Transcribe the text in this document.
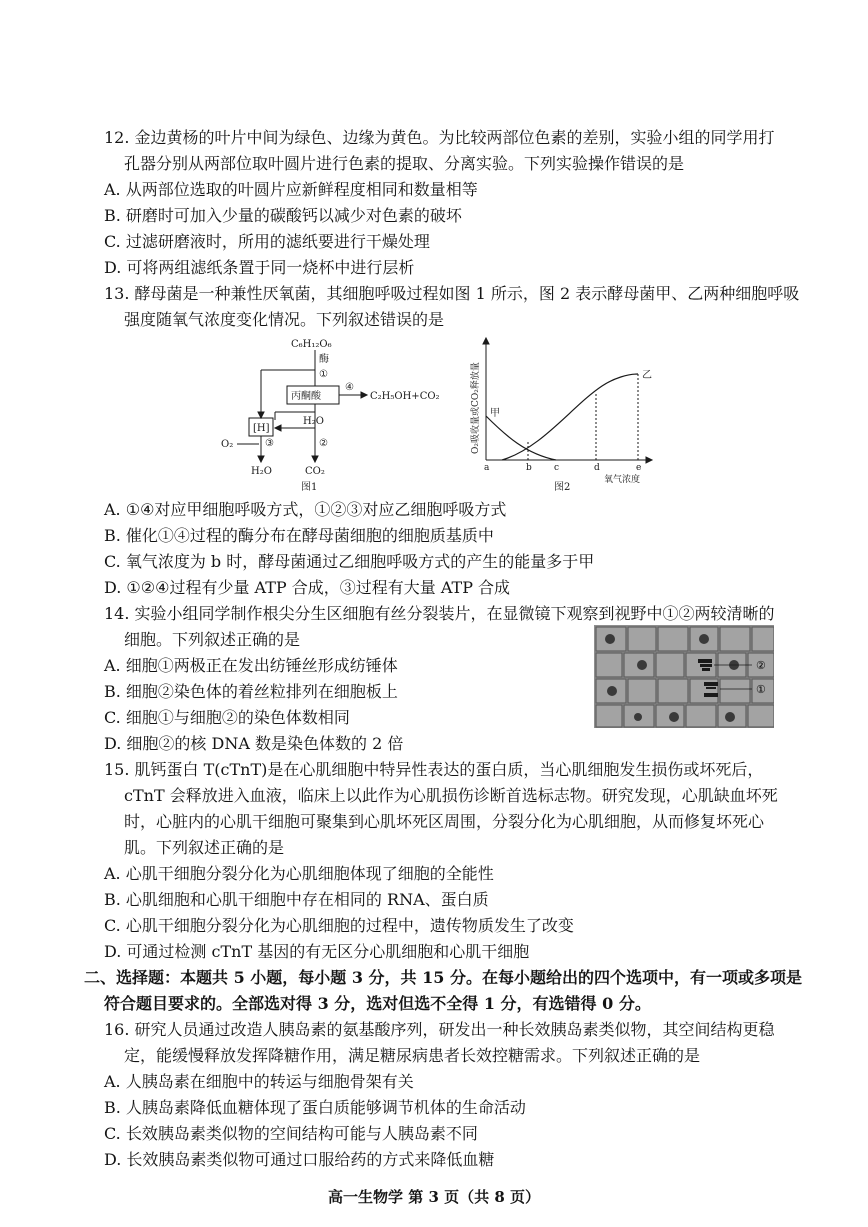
12. 金边黄杨的叶片中间为绿色、边缘为黄色。为比较两部位色素的差别，实验小组的同学用打
孔器分别从两部位取叶圆片进行色素的提取、分离实验。下列实验操作错误的是
A. 从两部位选取的叶圆片应新鲜程度相同和数量相等
B. 研磨时可加入少量的碳酸钙以减少对色素的破坏
C. 过滤研磨液时，所用的滤纸要进行干燥处理
D. 可将两组滤纸条置于同一烧杯中进行层析
13. 酵母菌是一种兼性厌氧菌，其细胞呼吸过程如图 1 所示，图 2 表示酵母菌甲、乙两种细胞呼吸
强度随氧气浓度变化情况。下列叙述错误的是
C₆H₁₂O₆
酶
①
丙酮酸
④
C₂H₅OH+CO₂
[H]
H₂O
O₂	③	②
H₂O	CO₂
图1
O₂吸收量或CO₂释放量 甲
乙
a	b c	d	e
氧气浓度
图2
A. ①④对应甲细胞呼吸方式，①②③对应乙细胞呼吸方式
B. 催化①④过程的酶分布在酵母菌细胞的细胞质基质中
C. 氧气浓度为 b 时，酵母菌通过乙细胞呼吸方式的产生的能量多于甲
D. ①②④过程有少量 ATP 合成，③过程有大量 ATP 合成
14. 实验小组同学制作根尖分生区细胞有丝分裂装片，在显微镜下观察到视野中①②两较清晰的
细胞。下列叙述正确的是
A. 细胞①两极正在发出纺锤丝形成纺锤体
B. 细胞②染色体的着丝粒排列在细胞板上
C. 细胞①与细胞②的染色体数相同
D. 细胞②的核 DNA 数是染色体数的 2 倍
②
①
15. 肌钙蛋白 T(cTnT)是在心肌细胞中特异性表达的蛋白质，当心肌细胞发生损伤或坏死后，
cTnT 会释放进入血液，临床上以此作为心肌损伤诊断首选标志物。研究发现，心肌缺血坏死
时，心脏内的心肌干细胞可聚集到心肌坏死区周围，分裂分化为心肌细胞，从而修复坏死心
肌。下列叙述正确的是
A. 心肌干细胞分裂分化为心肌细胞体现了细胞的全能性
B. 心肌细胞和心肌干细胞中存在相同的 RNA、蛋白质
C. 心肌干细胞分裂分化为心肌细胞的过程中，遗传物质发生了改变
D. 可通过检测 cTnT 基因的有无区分心肌细胞和心肌干细胞
二、选择题：本题共 5 小题，每小题 3 分，共 15 分。在每小题给出的四个选项中，有一项或多项是
符合题目要求的。全部选对得 3 分，选对但选不全得 1 分，有选错得 0 分。
16. 研究人员通过改造人胰岛素的氨基酸序列，研发出一种长效胰岛素类似物，其空间结构更稳
定，能缓慢释放发挥降糖作用，满足糖尿病患者长效控糖需求。下列叙述正确的是
A. 人胰岛素在细胞中的转运与细胞骨架有关
B. 人胰岛素降低血糖体现了蛋白质能够调节机体的生命活动
C. 长效胰岛素类似物的空间结构可能与人胰岛素不同
D. 长效胰岛素类似物可通过口服给药的方式来降低血糖
高一生物学 第 3 页（共 8 页）
